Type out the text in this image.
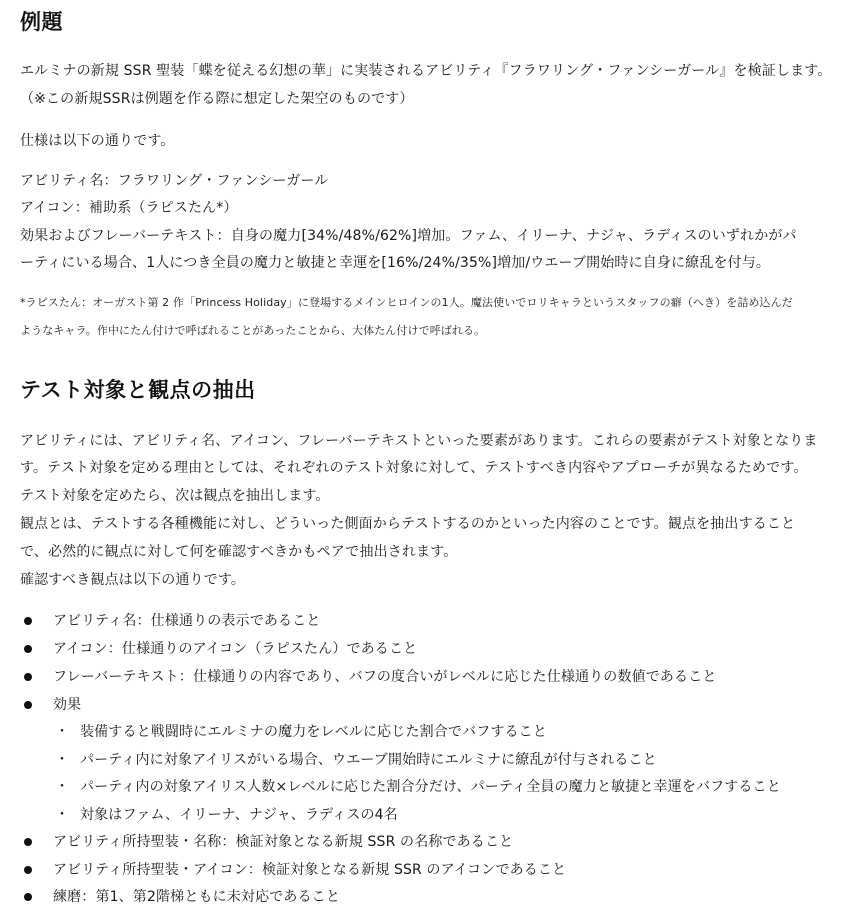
例題

エルミナの新規 SSR 聖装「蝶を従える幻想の華」に実装されるアビリティ『フラワリング・ファンシーガール』を検証します。

（※この新規SSRは例題を作る際に想定した架空のものです）

仕様は以下の通りです。

アビリティ名：フラワリング・ファンシーガール

アイコン：補助系（ラピスたん*）

効果およびフレーバーテキスト：自身の魔力[34%/48%/62%]増加。ファム、イリーナ、ナジャ、ラディスのいずれかがパ

ーティにいる場合、1人につき全員の魔力と敏捷と幸運を[16%/24%/35%]増加/ウエーブ開始時に自身に繚乱を付与。

*ラピスたん：オーガスト第 2 作「Princess Holiday」に登場するメインヒロインの1人。魔法使いでロリキャラというスタッフの癖（へき）を詰め込んだ

ようなキャラ。作中にたん付けで呼ばれることがあったことから、大体たん付けで呼ばれる。

テスト対象と観点の抽出

アビリティには、アビリティ名、アイコン、フレーバーテキストといった要素があります。これらの要素がテスト対象となりま

す。テスト対象を定める理由としては、それぞれのテスト対象に対して、テストすべき内容やアプローチが異なるためです。

テスト対象を定めたら、次は観点を抽出します。

観点とは、テストする各種機能に対し、どういった側面からテストするのかといった内容のことです。観点を抽出すること

で、必然的に観点に対して何を確認すべきかもペアで抽出されます。

確認すべき観点は以下の通りです。

アビリティ名：仕様通りの表示であること

アイコン：仕様通りのアイコン（ラピスたん）であること

フレーバーテキスト：仕様通りの内容であり、バフの度合いがレベルに応じた仕様通りの数値であること

効果

・ 装備すると戦闘時にエルミナの魔力をレベルに応じた割合でバフすること

・ パーティ内に対象アイリスがいる場合、ウエーブ開始時にエルミナに繚乱が付与されること

・ パーティ内の対象アイリス人数×レベルに応じた割合分だけ、パーティ全員の魔力と敏捷と幸運をバフすること

・ 対象はファム、イリーナ、ナジャ、ラディスの4名

アビリティ所持聖装・名称：検証対象となる新規 SSR の名称であること

アビリティ所持聖装・アイコン：検証対象となる新規 SSR のアイコンであること

練磨：第1、第2階梯ともに未対応であること
